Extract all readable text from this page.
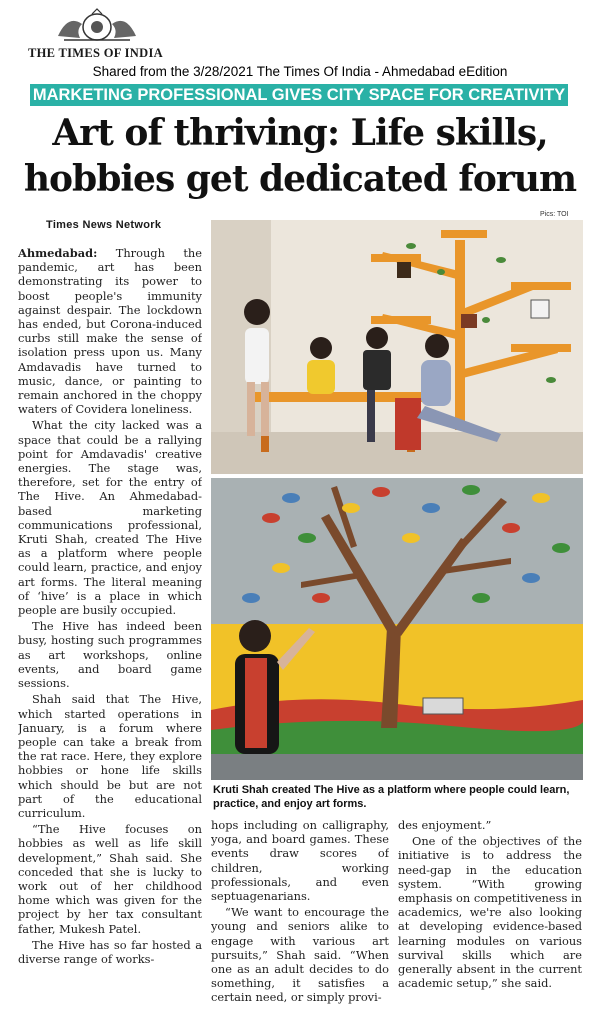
THE TIMES OF INDIA
Shared from the 3/28/2021 The Times Of India - Ahmedabad eEdition
MARKETING PROFESSIONAL GIVES CITY SPACE FOR CREATIVITY
Art of thriving: Life skills,
hobbies get dedicated forum
Times News Network
Pics: TOI

Ahmedabad: Through the pandemic, art has been demonstrating its power to boost people's immunity against despair. The lockdown has ended, but Corona-induced curbs still make the sense of isolation press upon us. Many Amdavadis have turned to music, dance, or painting to remain anchored in the choppy waters of Covidera loneliness.

What the city lacked was a space that could be a rallying point for Amdavadis' creative energies. The stage was, therefore, set for the entry of The Hive. An Ahmedabad-based marketing communications professional, Kruti Shah, created The Hive as a platform where people could learn, practice, and enjoy art forms. The literal meaning of ‘hive’ is a place in which people are busily occupied.

The Hive has indeed been busy, hosting such programmes as art workshops, online events, and board game sessions.

Shah said that The Hive, which started operations in January, is a forum where people can take a break from the rat race. Here, they explore hobbies or hone life skills which should be but are not part of the educational curriculum.

“The Hive focuses on hobbies as well as life skill development,” Shah said. She conceded that she is lucky to work out of her childhood home which was given for the project by her tax consultant father, Mukesh Patel.

The Hive has so far hosted a diverse range of works-

Kruti Shah created The Hive as a platform where people could learn, practice, and enjoy art forms.

hops including on calligraphy, yoga, and board games. These events draw scores of children, working professionals, and even septuagenarians.

“We want to encourage the young and seniors alike to engage with various art pursuits,” Shah said. “When one as an adult decides to do something, it satisfies a certain need, or simply provi-

des enjoyment.”

One of the objectives of the initiative is to address the need-gap in the education system. “With growing emphasis on competitiveness in academics, we're also looking at developing evidence-based learning modules on various survival skills which are generally absent in the current academic setup,” she said.
